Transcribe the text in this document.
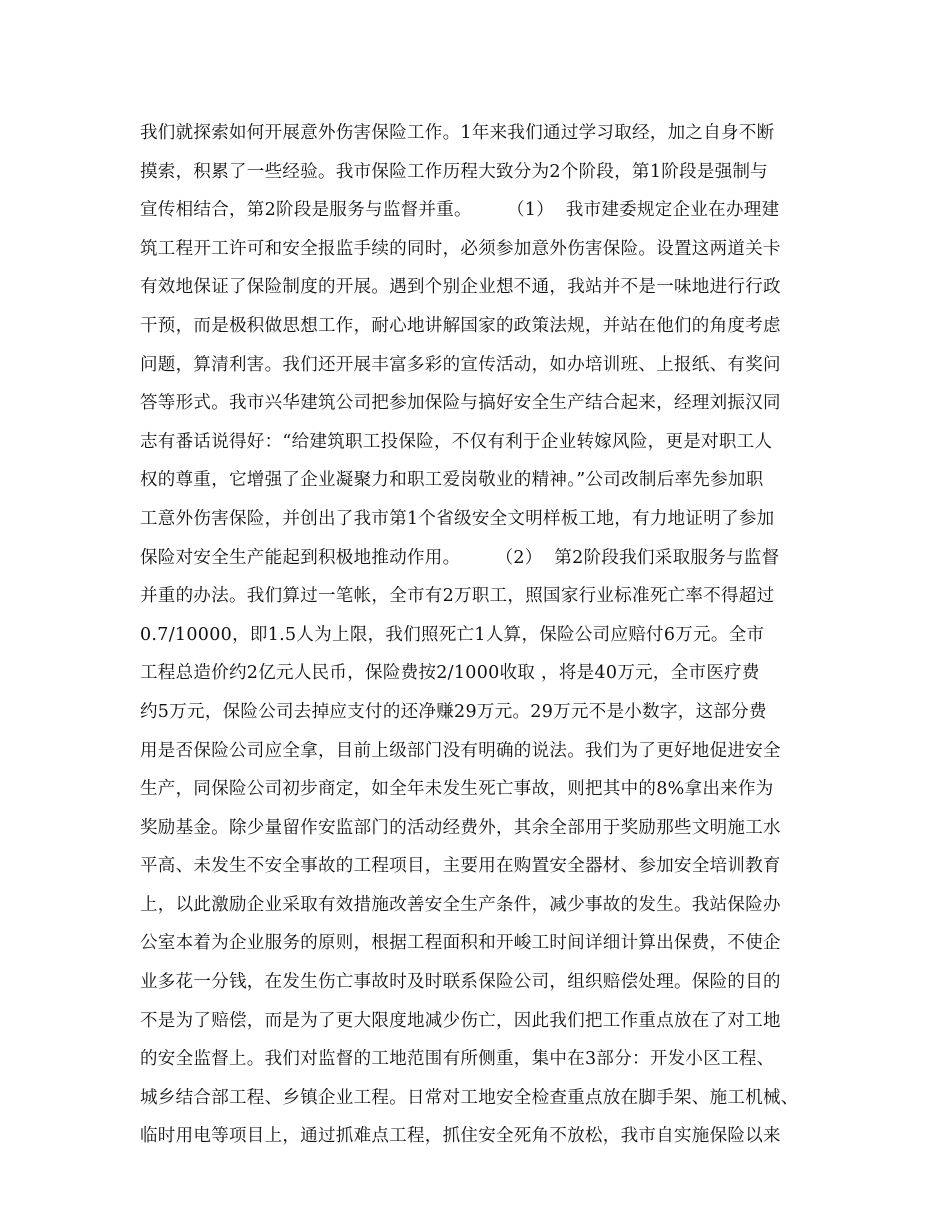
我们就探索如何开展意外伤害保险工作。1年来我们通过学习取经，加之自身不断
摸索，积累了一些经验。我市保险工作历程大致分为2个阶段，第1阶段是强制与
宣传相结合，第2阶段是服务与监督并重。      （1）  我市建委规定企业在办理建
筑工程开工许可和安全报监手续的同时，必须参加意外伤害保险。设置这两道关卡
有效地保证了保险制度的开展。遇到个别企业想不通，我站并不是一味地进行行政
干预，而是极积做思想工作，耐心地讲解国家的政策法规，并站在他们的角度考虑
问题，算清利害。我们还开展丰富多彩的宣传活动，如办培训班、上报纸、有奖问
答等形式。我市兴华建筑公司把参加保险与搞好安全生产结合起来，经理刘振汉同
志有番话说得好：“给建筑职工投保险，不仅有利于企业转嫁风险，更是对职工人
权的尊重，它增强了企业凝聚力和职工爱岗敬业的精神。”公司改制后率先参加职
工意外伤害保险，并创出了我市第1个省级安全文明样板工地，有力地证明了参加
保险对安全生产能起到积极地推动作用。      （2）  第2阶段我们采取服务与监督
并重的办法。我们算过一笔帐，全市有2万职工，照国家行业标准死亡率不得超过
0.7/10000，即1.5人为上限，我们照死亡1人算，保险公司应赔付6万元。全市
工程总造价约2亿元人民币，保险费按2/1000收取 ，将是40万元，全市医疗费
约5万元，保险公司去掉应支付的还净赚29万元。29万元不是小数字，这部分费
用是否保险公司应全拿，目前上级部门没有明确的说法。我们为了更好地促进安全
生产，同保险公司初步商定，如全年未发生死亡事故，则把其中的8%拿出来作为
奖励基金。除少量留作安监部门的活动经费外，其余全部用于奖励那些文明施工水
平高、未发生不安全事故的工程项目，主要用在购置安全器材、参加安全培训教育
上，以此激励企业采取有效措施改善安全生产条件，减少事故的发生。我站保险办
公室本着为企业服务的原则，根据工程面积和开峻工时间详细计算出保费，不使企
业多花一分钱，在发生伤亡事故时及时联系保险公司，组织赔偿处理。保险的目的
不是为了赔偿，而是为了更大限度地减少伤亡，因此我们把工作重点放在了对工地
的安全监督上。我们对监督的工地范围有所侧重，集中在3部分：开发小区工程、
城乡结合部工程、乡镇企业工程。日常对工地安全检查重点放在脚手架、施工机械、
临时用电等项目上，通过抓难点工程，抓住安全死角不放松，我市自实施保险以来
